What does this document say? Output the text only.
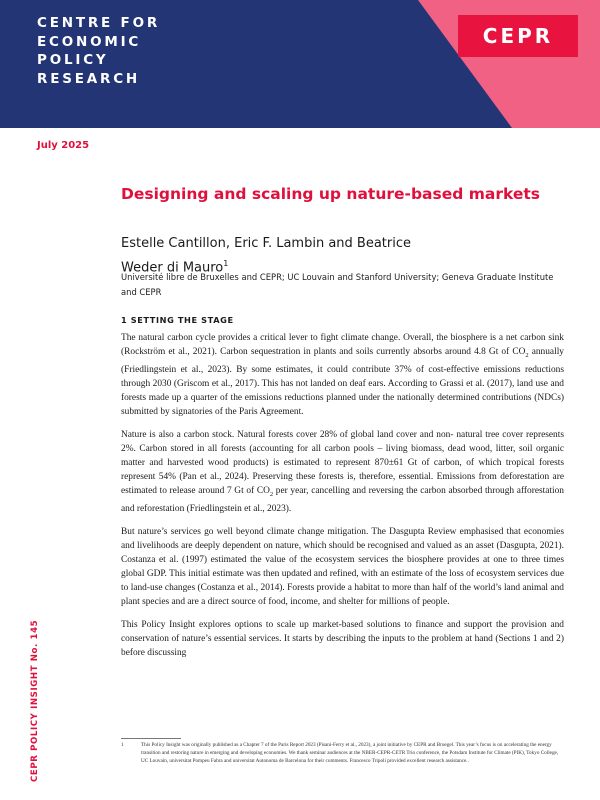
CENTRE FOR
ECONOMIC
POLICY
RESEARCH

CEPR
July 2025
Designing and scaling up nature-based markets

Estelle Cantillon, Eric F. Lambin and Beatrice Weder di Mauro$^1$

Université libre de Bruxelles and CEPR; UC Louvain and Stanford University; Geneva Graduate Institute and CEPR

1 SETTING THE STAGE

The natural carbon cycle provides a critical lever to fight climate change. Overall, the biosphere is a net carbon sink (Rockström et al., 2021). Carbon sequestration in plants and soils currently absorbs around 4.8 Gt of $CO_2$ annually (Friedlingstein et al., 2023). By some estimates, it could contribute 37% of cost-effective emissions reductions through 2030 (Griscom et al., 2017). This has not landed on deaf ears. According to Grassi et al. (2017), land use and forests made up a quarter of the emissions reductions planned under the nationally determined contributions (NDCs) submitted by signatories of the Paris Agreement.

Nature is also a carbon stock. Natural forests cover 28% of global land cover and non- natural tree cover represents 2%. Carbon stored in all forests (accounting for all carbon pools – living biomass, dead wood, litter, soil organic matter and harvested wood products) is estimated to represent 870±61 Gt of carbon, of which tropical forests represent 54% (Pan et al., 2024). Preserving these forests is, therefore, essential. Emissions from deforestation are estimated to release around 7 Gt of $CO_2$ per year, cancelling and reversing the carbon absorbed through afforestation and reforestation (Friedlingstein et al., 2023).

But nature’s services go well beyond climate change mitigation. The Dasgupta Review emphasised that economies and livelihoods are deeply dependent on nature, which should be recognised and valued as an asset (Dasgupta, 2021). Costanza et al. (1997) estimated the value of the ecosystem services the biosphere provides at one to three times global GDP. This initial estimate was then updated and refined, with an estimate of the loss of ecosystem services due to land-use changes (Costanza et al., 2014). Forests provide a habitat to more than half of the world’s land animal and plant species and are a direct source of food, income, and shelter for millions of people.

This Policy Insight explores options to scale up market-based solutions to finance and support the provision and conservation of nature’s essential services. It starts by describing the inputs to the problem at hand (Sections 1 and 2) before discussing

1	This Policy Insight was originally published as a Chapter 7 of the Paris Report 2023 (Pisani-Ferry et al., 2023), a joint initiative by CEPR and Bruegel. This year’s focus is on accelerating the energy transition and restoring nature in emerging and developing economies. We thank seminar audiences at the NBER-CEPR-CETR Trio conference, the Potsdam Institute for Climate (PIK), Tokyo College, UC Louvain, universitat Pompeu Fabra and universitat Autonoma de Barcelona for their comments. Francesco Tripoli provided excellent research assistance..
CEPR POLICY INSIGHT No. 145
